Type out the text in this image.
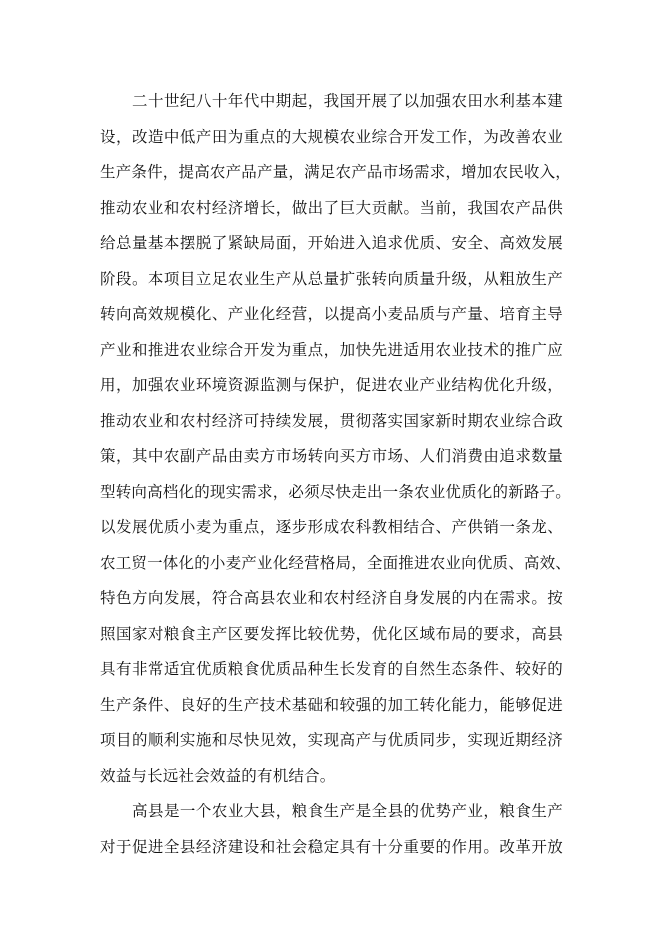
二十世纪八十年代中期起，我国开展了以加强农田水利基本建
设，改造中低产田为重点的大规模农业综合开发工作，为改善农业
生产条件，提高农产品产量，满足农产品市场需求，增加农民收入，
推动农业和农村经济增长，做出了巨大贡献。当前，我国农产品供
给总量基本摆脱了紧缺局面，开始进入追求优质、安全、高效发展
阶段。本项目立足农业生产从总量扩张转向质量升级，从粗放生产
转向高效规模化、产业化经营，以提高小麦品质与产量、培育主导
产业和推进农业综合开发为重点，加快先进适用农业技术的推广应
用，加强农业环境资源监测与保护，促进农业产业结构优化升级，
推动农业和农村经济可持续发展，贯彻落实国家新时期农业综合政
策，其中农副产品由卖方市场转向买方市场、人们消费由追求数量
型转向高档化的现实需求，必须尽快走出一条农业优质化的新路子。
以发展优质小麦为重点，逐步形成农科教相结合、产供销一条龙、
农工贸一体化的小麦产业化经营格局，全面推进农业向优质、高效、
特色方向发展，符合高县农业和农村经济自身发展的内在需求。按
照国家对粮食主产区要发挥比较优势，优化区域布局的要求，高县
具有非常适宜优质粮食优质品种生长发育的自然生态条件、较好的
生产条件、良好的生产技术基础和较强的加工转化能力，能够促进
项目的顺利实施和尽快见效，实现高产与优质同步，实现近期经济
效益与长远社会效益的有机结合。
高县是一个农业大县，粮食生产是全县的优势产业，粮食生产
对于促进全县经济建设和社会稳定具有十分重要的作用。改革开放
